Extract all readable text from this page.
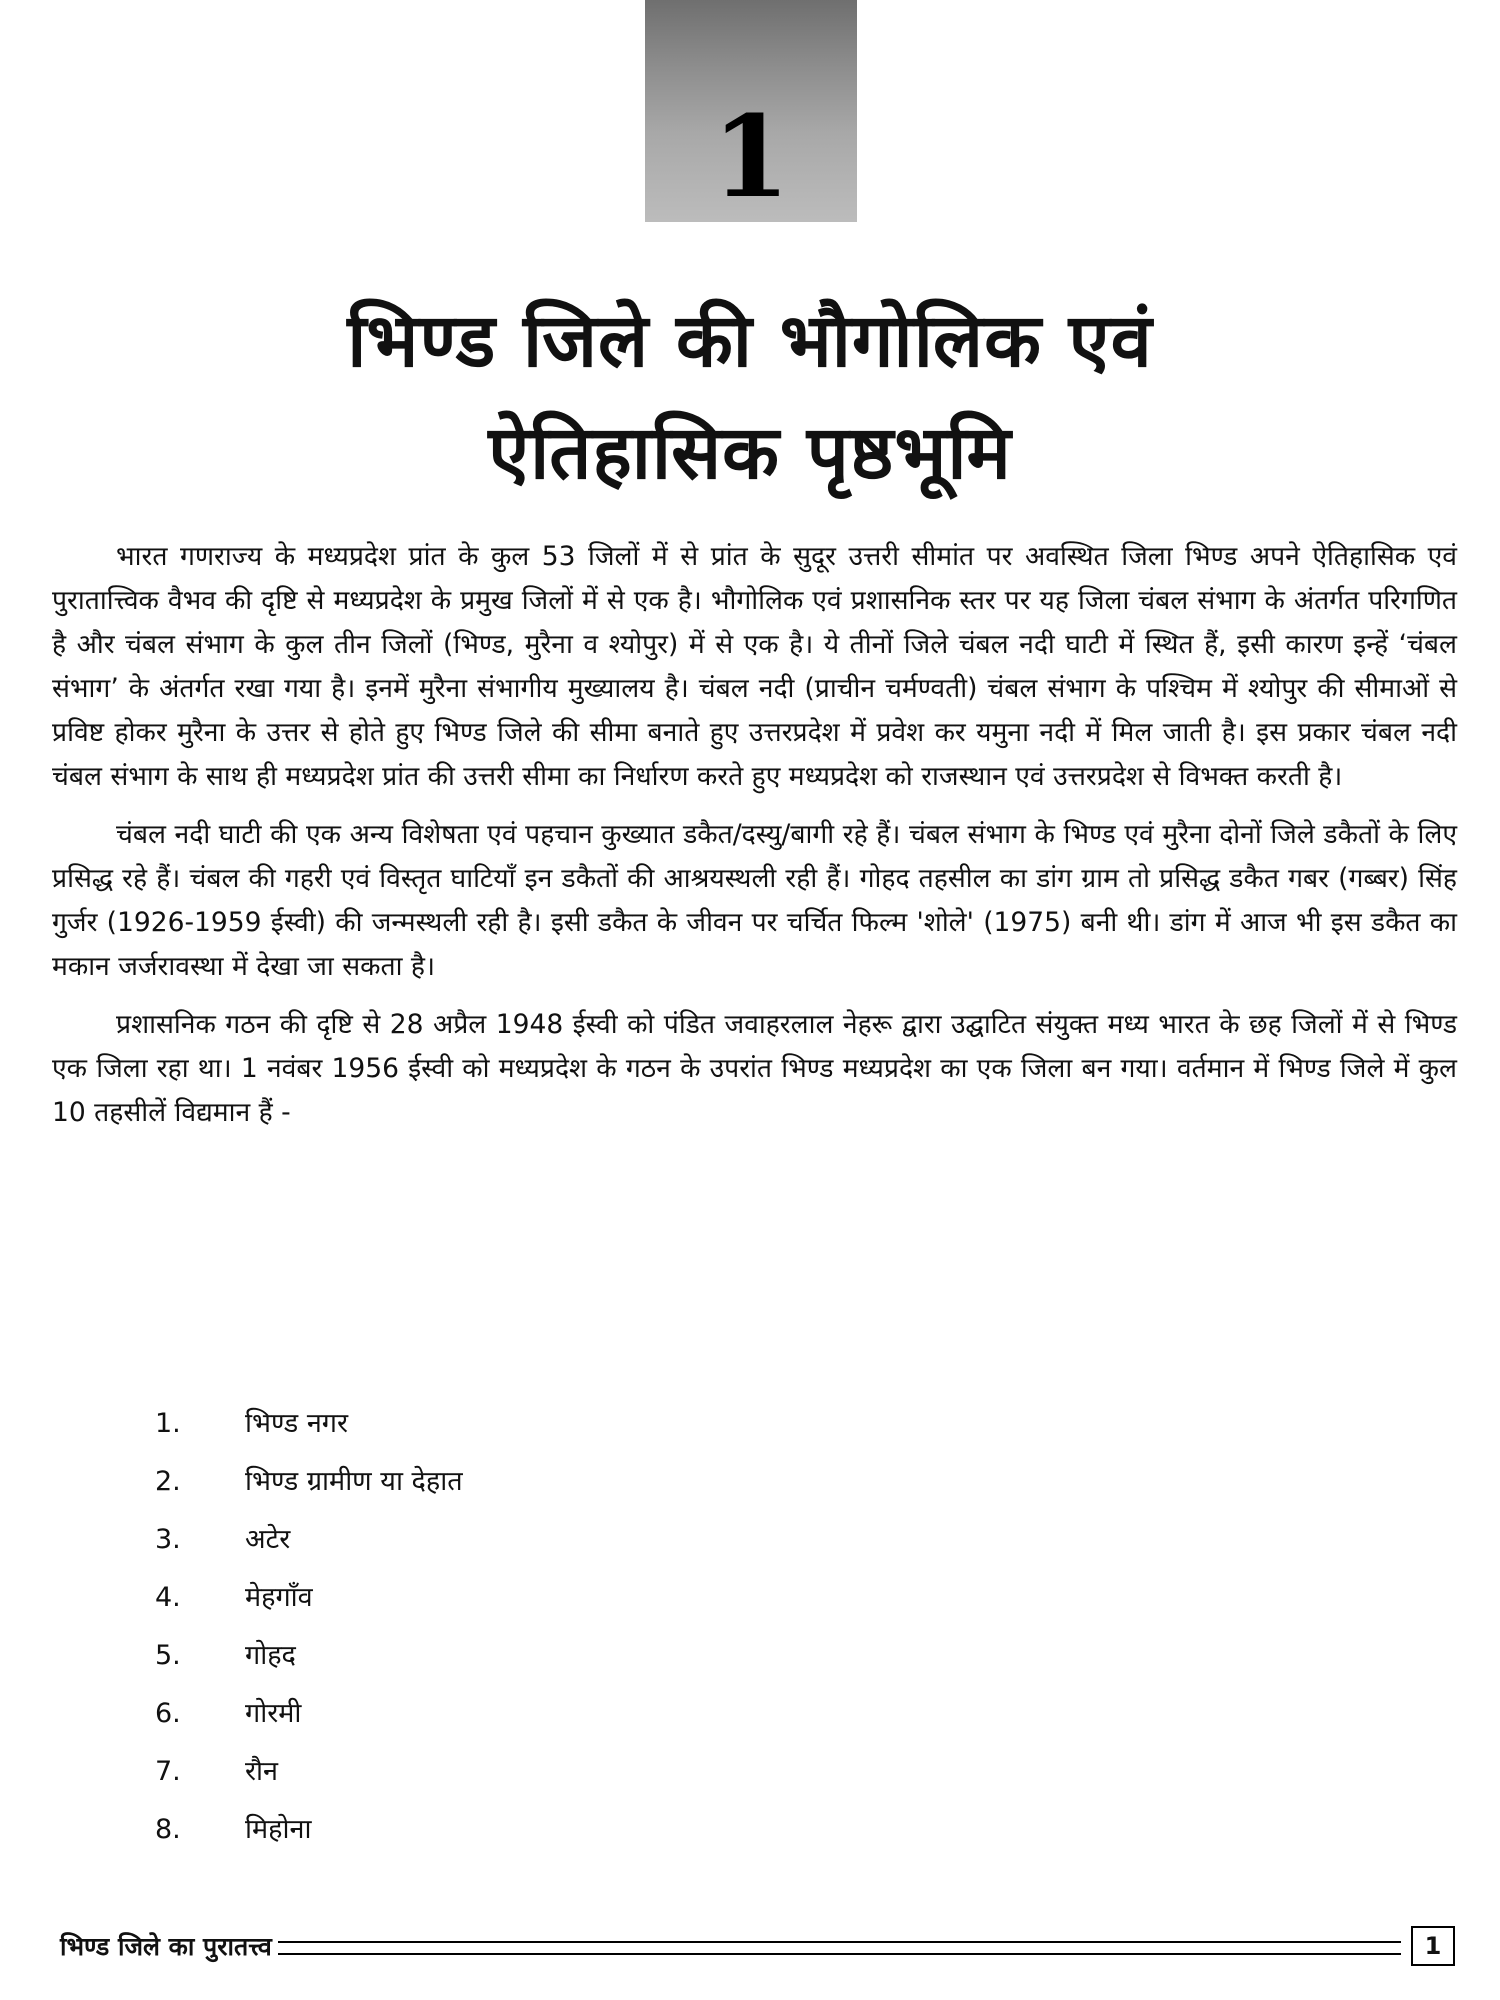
1
भिण्ड जिले की भौगोलिक एवं
ऐतिहासिक पृष्ठभूमि

भारत गणराज्य के मध्यप्रदेश प्रांत के कुल 53 जिलों में से प्रांत के सुदूर उत्तरी सीमांत पर अवस्थित जिला भिण्ड अपने ऐतिहासिक एवं पुरातात्त्विक वैभव की दृष्टि से मध्यप्रदेश के प्रमुख जिलों में से एक है। भौगोलिक एवं प्रशासनिक स्तर पर यह जिला चंबल संभाग के अंतर्गत परिगणित है और चंबल संभाग के कुल तीन जिलों (भिण्ड, मुरैना व श्योपुर) में से एक है। ये तीनों जिले चंबल नदी घाटी में स्थित हैं, इसी कारण इन्हें ‘चंबल संभाग’ के अंतर्गत रखा गया है। इनमें मुरैना संभागीय मुख्यालय है। चंबल नदी (प्राचीन चर्मण्वती) चंबल संभाग के पश्चिम में श्योपुर की सीमाओं से प्रविष्ट होकर मुरैना के उत्तर से होते हुए भिण्ड जिले की सीमा बनाते हुए उत्तरप्रदेश में प्रवेश कर यमुना नदी में मिल जाती है। इस प्रकार चंबल नदी चंबल संभाग के साथ ही मध्यप्रदेश प्रांत की उत्तरी सीमा का निर्धारण करते हुए मध्यप्रदेश को राजस्थान एवं उत्तरप्रदेश से विभक्त करती है।

चंबल नदी घाटी की एक अन्य विशेषता एवं पहचान कुख्यात डकैत/दस्यु/बागी रहे हैं। चंबल संभाग के भिण्ड एवं मुरैना दोनों जिले डकैतों के लिए प्रसिद्ध रहे हैं। चंबल की गहरी एवं विस्तृत घाटियाँ इन डकैतों की आश्रयस्थली रही हैं। गोहद तहसील का डांग ग्राम तो प्रसिद्ध डकैत गबर (गब्बर) सिंह गुर्जर (1926-1959 ईस्वी) की जन्मस्थली रही है। इसी डकैत के जीवन पर चर्चित फिल्म 'शोले' (1975) बनी थी। डांग में आज भी इस डकैत का मकान जर्जरावस्था में देखा जा सकता है।

प्रशासनिक गठन की दृष्टि से 28 अप्रैल 1948 ईस्वी को पंडित जवाहरलाल नेहरू द्वारा उद्घाटित संयुक्त मध्य भारत के छह जिलों में से भिण्ड एक जिला रहा था। 1 नवंबर 1956 ईस्वी को मध्यप्रदेश के गठन के उपरांत भिण्ड मध्यप्रदेश का एक जिला बन गया। वर्तमान में भिण्ड जिले में कुल 10 तहसीलें विद्यमान हैं -

1.	भिण्ड नगर
2.	भिण्ड ग्रामीण या देहात
3.	अटेर
4.	मेहगाँव
5.	गोहद
6.	गोरमी
7.	रौन
8.	मिहोना
भिण्ड जिले का पुरातत्त्व	1
